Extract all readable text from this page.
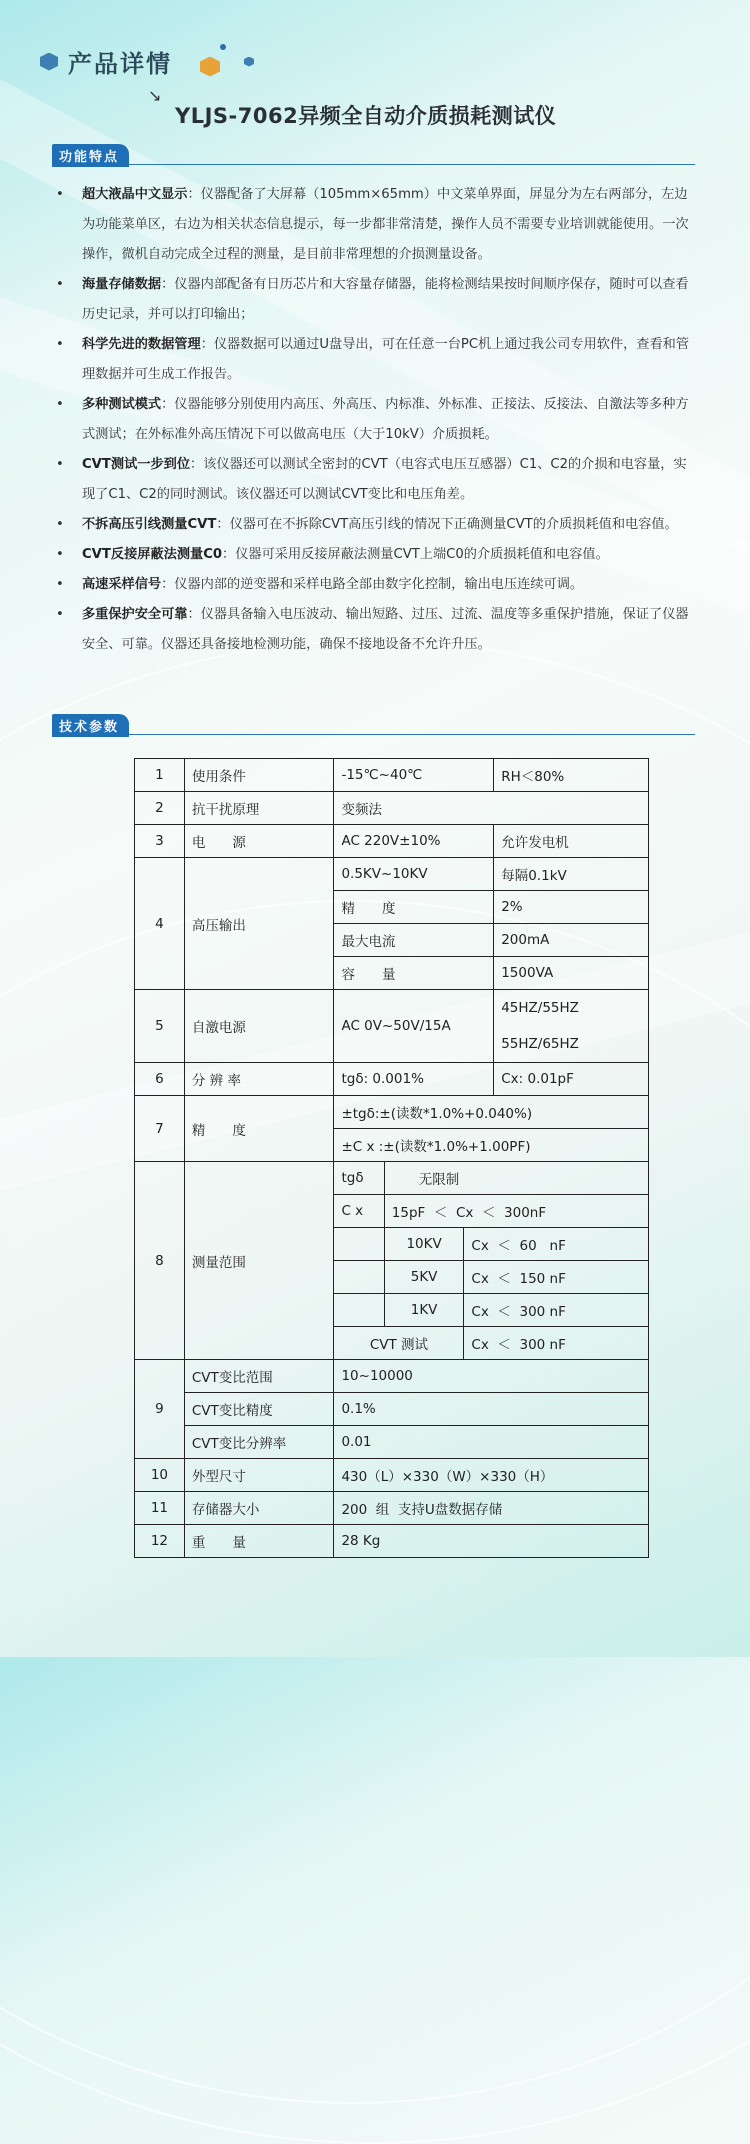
产品详情
↘
YLJS-7062异频全自动介质损耗测试仪
功能特点
• 超大液晶中文显示：仪器配备了大屏幕（105mm×65mm）中文菜单界面，屏显分为左右两部分，左边为功能菜单区，右边为相关状态信息提示，每一步都非常清楚，操作人员不需要专业培训就能使用。一次操作，微机自动完成全过程的测量，是目前非常理想的介损测量设备。
• 海量存储数据：仪器内部配备有日历芯片和大容量存储器，能将检测结果按时间顺序保存，随时可以查看历史记录，并可以打印输出；
• 科学先进的数据管理：仪器数据可以通过U盘导出，可在任意一台PC机上通过我公司专用软件，查看和管理数据并可生成工作报告。
• 多种测试模式：仪器能够分别使用内高压、外高压、内标准、外标准、正接法、反接法、自激法等多种方式测试；在外标准外高压情况下可以做高电压（大于10kV）介质损耗。
• CVT测试一步到位：该仪器还可以测试全密封的CVT（电容式电压互感器）C1、C2的介损和电容量，实现了C1、C2的同时测试。该仪器还可以测试CVT变比和电压角差。
• 不拆高压引线测量CVT：仪器可在不拆除CVT高压引线的情况下正确测量CVT的介质损耗值和电容值。
• CVT反接屏蔽法测量C0：仪器可采用反接屏蔽法测量CVT上端C0的介质损耗值和电容值。
• 高速采样信号：仪器内部的逆变器和采样电路全部由数字化控制，输出电压连续可调。
• 多重保护安全可靠：仪器具备输入电压波动、输出短路、过压、过流、温度等多重保护措施，保证了仪器安全、可靠。仪器还具备接地检测功能，确保不接地设备不允许升压。
技术参数
1	使用条件	-15℃~40℃	RH＜80%
2	抗干扰原理	变频法
3	电　　源	AC 220V±10%	允许发电机
4	高压输出	0.5KV~10KV	每隔0.1kV
精　　度	2%
最大电流	200mA
容　　量	1500VA
5	自激电源	AC 0V~50V/15A	
45HZ/55HZ
55HZ/65HZ

6	分 辨 率	tgδ: 0.001%	Cx: 0.01pF
7	精　　度	±tgδ:±(读数*1.0%+0.040%)
±C x :±(读数*1.0%+1.00PF)
8	测量范围	
tgδ	无限制
C x	15pF  ＜  Cx  ＜  300nF
	10KV	Cx  ＜  60   nF
	5KV	Cx  ＜  150 nF
	1KV	Cx  ＜  300 nF
CVT 测试	Cx  ＜  300 nF

9	CVT变比范围	10~10000
CVT变比精度	0.1%
CVT变比分辨率	0.01
10	外型尺寸	430（L）×330（W）×330（H）
11	存储器大小	200  组  支持U盘数据存储
12	重　　量	28 Kg
